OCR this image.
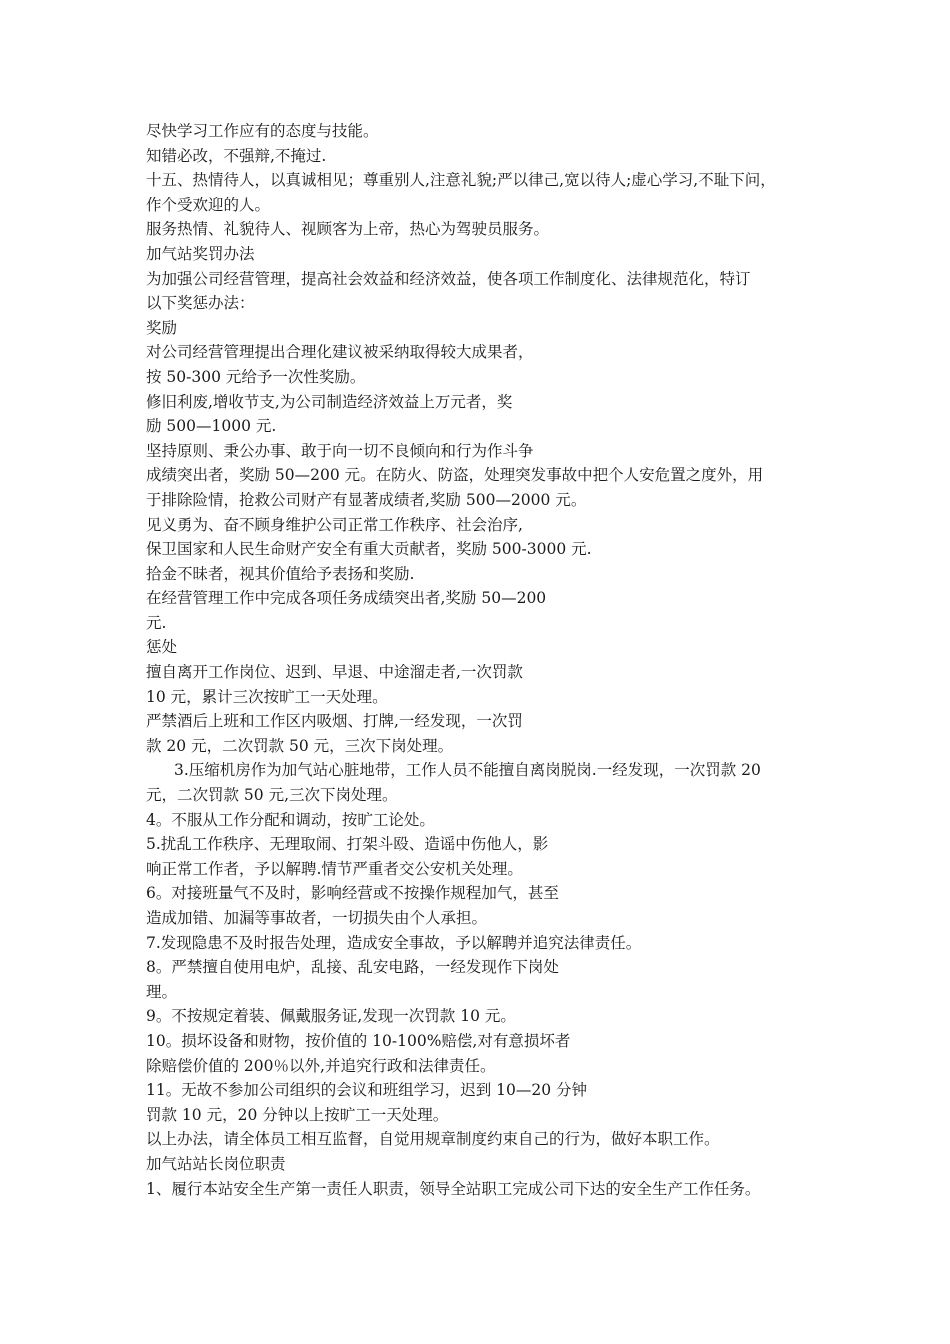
尽快学习工作应有的态度与技能。
知错必改，不强辩,不掩过.
十五、热情待人，以真诚相见；尊重别人,注意礼貌;严以律己,宽以待人;虚心学习,不耻下问，
作个受欢迎的人。
服务热情、礼貌待人、视顾客为上帝，热心为驾驶员服务。
加气站奖罚办法
为加强公司经营管理，提高社会效益和经济效益，使各项工作制度化、法律规范化，特订
以下奖惩办法：
奖励
对公司经营管理提出合理化建议被采纳取得较大成果者，
按 50-300 元给予一次性奖励。
修旧利废,增收节支,为公司制造经济效益上万元者，奖
励 500—1000 元.
坚持原则、秉公办事、敢于向一切不良倾向和行为作斗争
成绩突出者，奖励 50—200 元。在防火、防盗，处理突发事故中把个人安危置之度外，用
于排除险情，抢救公司财产有显著成绩者,奖励 500—2000 元。
见义勇为、奋不顾身维护公司正常工作秩序、社会治序,
保卫国家和人民生命财产安全有重大贡献者，奖励 500-3000 元.
拾金不昧者，视其价值给予表扬和奖励.
在经营管理工作中完成各项任务成绩突出者,奖励 50—200
元.
惩处
擅自离开工作岗位、迟到、早退、中途溜走者,一次罚款
10 元，累计三次按旷工一天处理。
严禁酒后上班和工作区内吸烟、打牌,一经发现，一次罚
款 20 元，二次罚款 50 元，三次下岗处理。
3.压缩机房作为加气站心脏地带，工作人员不能擅自离岗脱岗.一经发现，一次罚款 20
元，二次罚款 50 元,三次下岗处理。
4。不服从工作分配和调动，按旷工论处。
5.扰乱工作秩序、无理取闹、打架斗殴、造谣中伤他人，影
响正常工作者，予以解聘.情节严重者交公安机关处理。
6。对接班量气不及时，影响经营或不按操作规程加气，甚至
造成加错、加漏等事故者，一切损失由个人承担。
7.发现隐患不及时报告处理，造成安全事故，予以解聘并追究法律责任。
8。严禁擅自使用电炉，乱接、乱安电路，一经发现作下岗处
理。
9。不按规定着装、佩戴服务证,发现一次罚款 10 元。
10。损坏设备和财物，按价值的 10-100%赔偿,对有意损坏者
除赔偿价值的 200％以外,并追究行政和法律责任。
11。无故不参加公司组织的会议和班组学习，迟到 10—20 分钟
罚款 10 元，20 分钟以上按旷工一天处理。
以上办法，请全体员工相互监督，自觉用规章制度约束自己的行为，做好本职工作。
加气站站长岗位职责
1、履行本站安全生产第一责任人职责，领导全站职工完成公司下达的安全生产工作任务。
